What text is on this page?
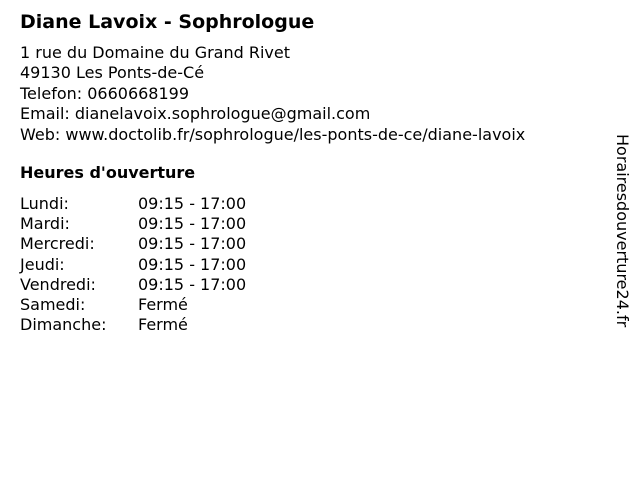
Diane Lavoix - Sophrologue
1 rue du Domaine du Grand Rivet
49130 Les Ponts-de-Cé
Telefon: 0660668199
Email: dianelavoix.sophrologue@gmail.com
Web: www.doctolib.fr/sophrologue/les-ponts-de-ce/diane-lavoix
Heures d'ouverture
Lundi:	09:15 - 17:00
Mardi:	09:15 - 17:00
Mercredi:	09:15 - 17:00
Jeudi:	09:15 - 17:00
Vendredi:	09:15 - 17:00
Samedi:	Fermé
Dimanche:	Fermé	Horairesdouverture24.fr
